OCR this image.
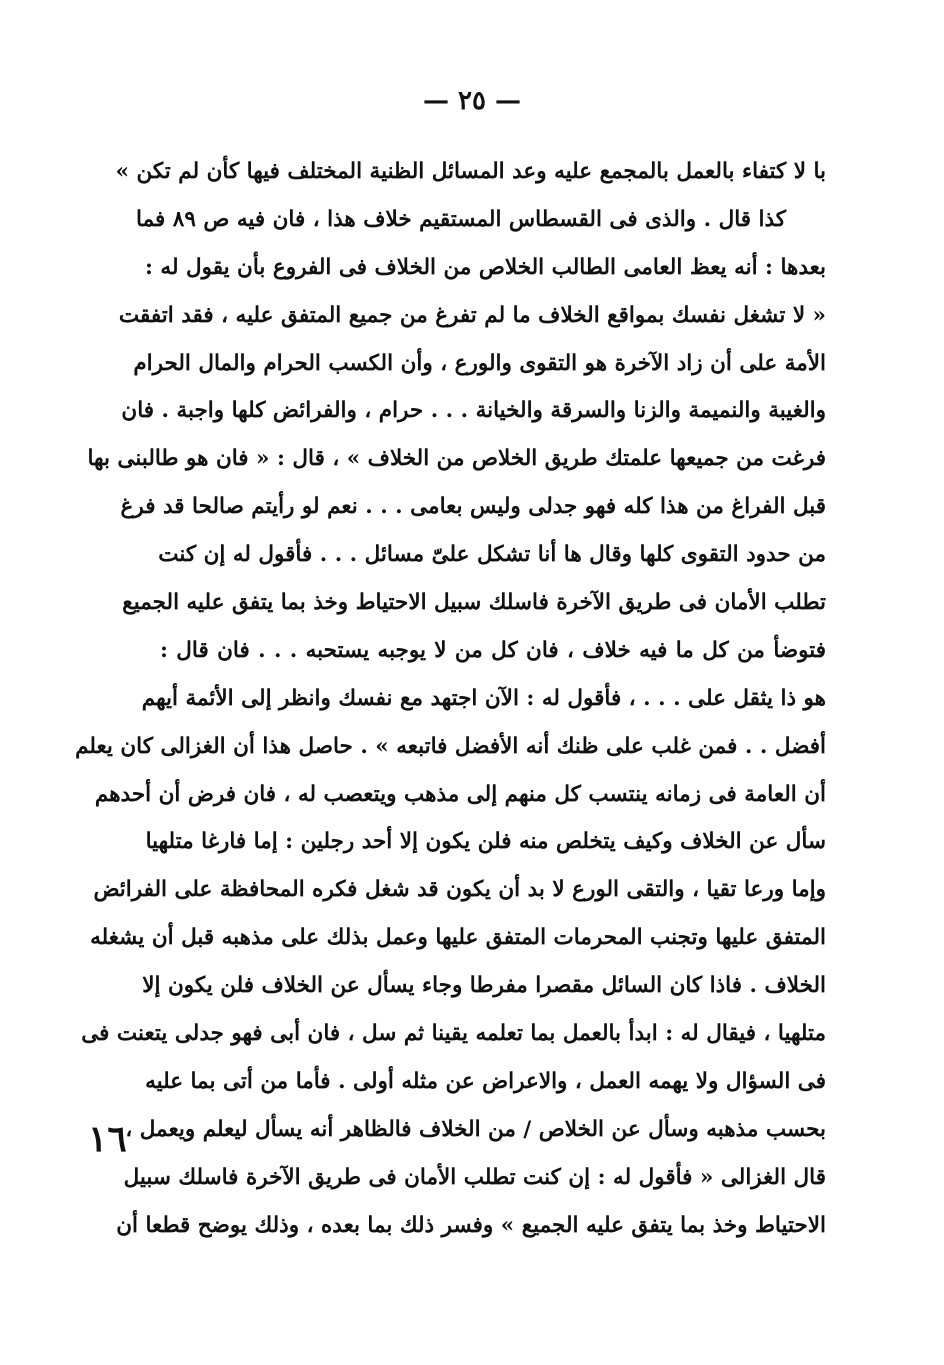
— ٢٥ —
با لا كتفاء بالعمل بالمجمع عليه وعد المسائل الظنية المختلف فيها كأن لم تكن »
كذا قال . والذى فى القسطاس المستقيم خلاف هذا ، فان فيه ص ٨٩ فما
بعدها : أنه يعظ العامى الطالب الخلاص من الخلاف فى الفروع بأن يقول له :
« لا تشغل نفسك بمواقع الخلاف ما لم تفرغ من جميع المتفق عليه ، فقد اتفقت
الأمة على أن زاد الآخرة هو التقوى والورع ، وأن الكسب الحرام والمال الحرام
والغيبة والنميمة والزنا والسرقة والخيانة . . . حرام ، والفرائض كلها واجبة . فان
فرغت من جميعها علمتك طريق الخلاص من الخلاف » ، قال : « فان هو طالبنى بها
قبل الفراغ من هذا كله فهو جدلى وليس بعامى . . . نعم لو رأيتم صالحا قد فرغ
من حدود التقوى كلها وقال ها أنا تشكل علىّ مسائل . . . فأقول له إن كنت
تطلب الأمان فى طريق الآخرة فاسلك سبيل الاحتياط وخذ بما يتفق عليه الجميع
فتوضأ من كل ما فيه خلاف ، فان كل من لا يوجبه يستحبه . . . فان قال :
هو ذا يثقل على . . . ، فأقول له : الآن اجتهد مع نفسك وانظر إلى الأئمة أيهم
أفضل . . فمن غلب على ظنك أنه الأفضل فاتبعه » . حاصل هذا أن الغزالى كان يعلم
أن العامة فى زمانه ينتسب كل منهم إلى مذهب ويتعصب له ، فان فرض أن أحدهم
سأل عن الخلاف وكيف يتخلص منه فلن يكون إلا أحد رجلين : إما فارغا متلهيا
وإما ورعا تقيا ، والتقى الورع لا بد أن يكون قد شغل فكره المحافظة على الفرائض
المتفق عليها وتجنب المحرمات المتفق عليها وعمل بذلك على مذهبه قبل أن يشغله
الخلاف . فاذا كان السائل مقصرا مفرطا وجاء يسأل عن الخلاف فلن يكون إلا
متلهيا ، فيقال له : ابدأ بالعمل بما تعلمه يقينا ثم سل ، فان أبى فهو جدلى يتعنت فى
فى السؤال ولا يهمه العمل ، والاعراض عن مثله أولى . فأما من أتى بما عليه
بحسب مذهبه وسأل عن الخلاص / من الخلاف فالظاهر أنه يسأل ليعلم ويعمل ،
قال الغزالى « فأقول له : إن كنت تطلب الأمان فى طريق الآخرة فاسلك سبيل
الاحتياط وخذ بما يتفق عليه الجميع » وفسر ذلك بما بعده ، وذلك يوضح قطعا أن
١٦
